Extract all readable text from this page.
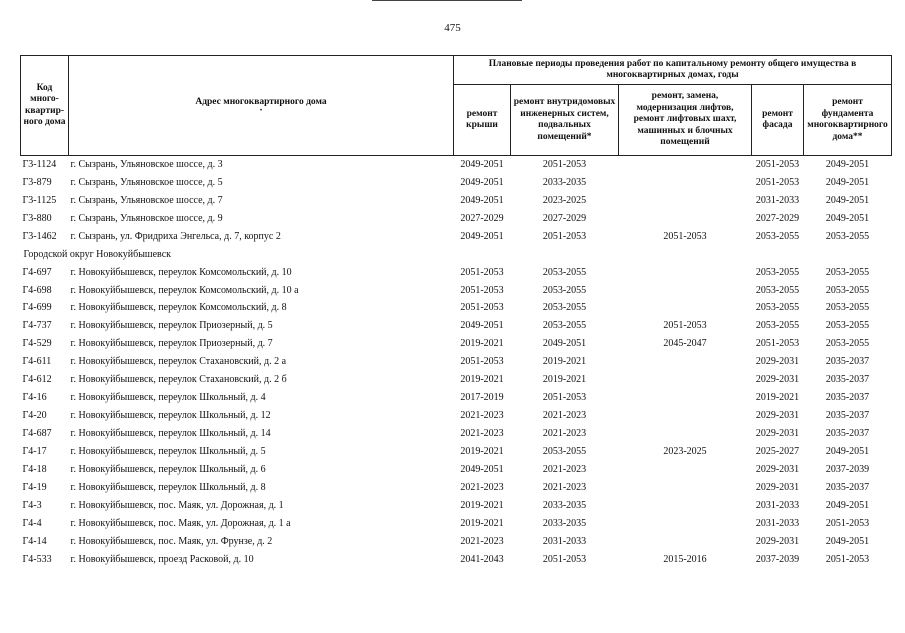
475
Код много-квартир-ного дома	Адрес многоквартирного дома
·	Плановые периоды проведения работ по капитальному ремонту общего имущества в многоквартирных домах, годы				
		ремонт крыши	ремонт внутридомовых инженерных систем, подвальных помещений*	ремонт, замена, модернизация лифтов, ремонт лифтовых шахт, машинных и блочных помещений	ремонт фасада	ремонт фундамента многоквартирного дома**
Г3-1124	г. Сызрань, Ульяновское шоссе, д. 3	2049-2051	2051-2053		2051-2053	2049-2051
Г3-879	г. Сызрань, Ульяновское шоссе, д. 5	2049-2051	2033-2035		2051-2053	2049-2051
Г3-1125	г. Сызрань, Ульяновское шоссе, д. 7	2049-2051	2023-2025		2031-2033	2049-2051
Г3-880	г. Сызрань, Ульяновское шоссе, д. 9	2027-2029	2027-2029		2027-2029	2049-2051
Г3-1462	г. Сызрань, ул. Фридриха Энгельса, д. 7, корпус 2	2049-2051	2051-2053	2051-2053	2053-2055	2053-2055
Городской округ Новокуйбышевск						
Г4-697	г. Новокуйбышевск, переулок Комсомольский, д. 10	2051-2053	2053-2055		2053-2055	2053-2055
Г4-698	г. Новокуйбышевск, переулок Комсомольский, д. 10 а	2051-2053	2053-2055		2053-2055	2053-2055
Г4-699	г. Новокуйбышевск, переулок Комсомольский, д. 8	2051-2053	2053-2055		2053-2055	2053-2055
Г4-737	г. Новокуйбышевск, переулок Приозерный, д. 5	2049-2051	2053-2055	2051-2053	2053-2055	2053-2055
Г4-529	г. Новокуйбышевск, переулок Приозерный, д. 7	2019-2021	2049-2051	2045-2047	2051-2053	2053-2055
Г4-611	г. Новокуйбышевск, переулок Стахановский, д. 2 а	2051-2053	2019-2021		2029-2031	2035-2037
Г4-612	г. Новокуйбышевск, переулок Стахановский, д. 2 б	2019-2021	2019-2021		2029-2031	2035-2037
Г4-16	г. Новокуйбышевск, переулок Школьный, д. 4	2017-2019	2051-2053		2019-2021	2035-2037
Г4-20	г. Новокуйбышевск, переулок Школьный, д. 12	2021-2023	2021-2023		2029-2031	2035-2037
Г4-687	г. Новокуйбышевск, переулок Школьный, д. 14	2021-2023	2021-2023		2029-2031	2035-2037
Г4-17	г. Новокуйбышевск, переулок Школьный, д. 5	2019-2021	2053-2055	2023-2025	2025-2027	2049-2051
Г4-18	г. Новокуйбышевск, переулок Школьный, д. 6	2049-2051	2021-2023		2029-2031	2037-2039
Г4-19	г. Новокуйбышевск, переулок Школьный, д. 8	2021-2023	2021-2023		2029-2031	2035-2037
Г4-3	г. Новокуйбышевск, пос. Маяк, ул. Дорожная, д. 1	2019-2021	2033-2035		2031-2033	2049-2051
Г4-4	г. Новокуйбышевск, пос. Маяк, ул. Дорожная, д. 1 а	2019-2021	2033-2035		2031-2033	2051-2053
Г4-14	г. Новокуйбышевск, пос. Маяк, ул. Фрунзе, д. 2	2021-2023	2031-2033		2029-2031	2049-2051
Г4-533	г. Новокуйбышевск, проезд Расковой, д. 10	2041-2043	2051-2053	2015-2016	2037-2039	2051-2053
